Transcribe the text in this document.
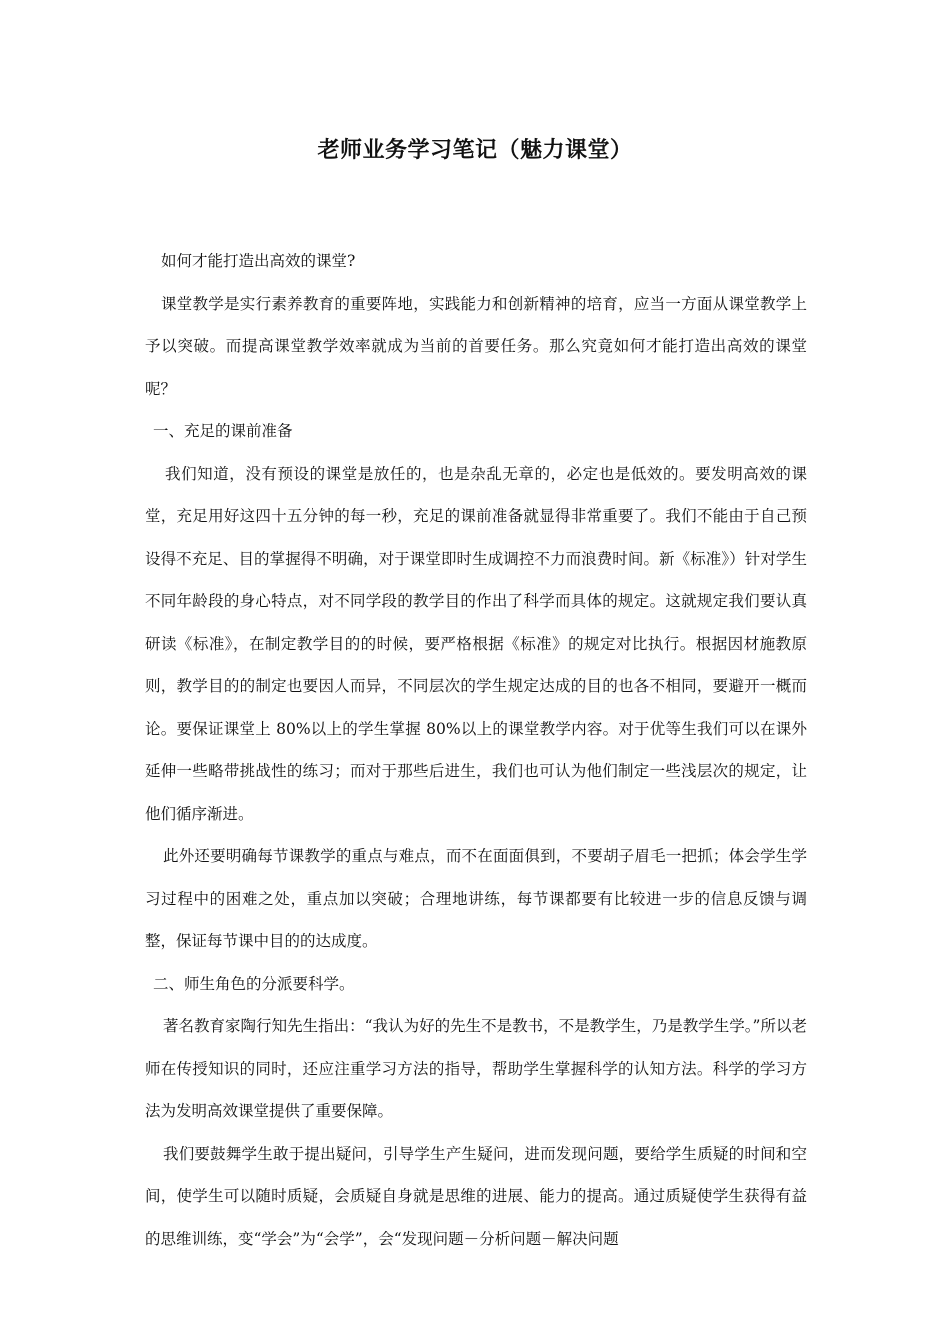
老师业务学习笔记（魅力课堂）

如何才能打造出高效的课堂?

课堂教学是实行素养教育的重要阵地，实践能力和创新精神的培育，应当一方面从课堂教学上予以突破。而提高课堂教学效率就成为当前的首要任务。那么究竟如何才能打造出高效的课堂呢？

一、充足的课前准备

我们知道，没有预设的课堂是放任的，也是杂乱无章的，必定也是低效的。要发明高效的课堂，充足用好这四十五分钟的每一秒，充足的课前准备就显得非常重要了。我们不能由于自己预设得不充足、目的掌握得不明确，对于课堂即时生成调控不力而浪费时间。新《标准》）针对学生不同年龄段的身心特点，对不同学段的教学目的作出了科学而具体的规定。这就规定我们要认真研读《标准》，在制定教学目的的时候，要严格根据《标准》的规定对比执行。根据因材施教原则，教学目的的制定也要因人而异，不同层次的学生规定达成的目的也各不相同，要避开一概而论。要保证课堂上 80%以上的学生掌握 80%以上的课堂教学内容。对于优等生我们可以在课外延伸一些略带挑战性的练习；而对于那些后进生，我们也可认为他们制定一些浅层次的规定，让他们循序渐进。

此外还要明确每节课教学的重点与难点，而不在面面俱到，不要胡子眉毛一把抓；体会学生学习过程中的困难之处，重点加以突破；合理地讲练，每节课都要有比较进一步的信息反馈与调整，保证每节课中目的的达成度。

二、师生角色的分派要科学。

著名教育家陶行知先生指出：“我认为好的先生不是教书，不是教学生，乃是教学生学。”所以老师在传授知识的同时，还应注重学习方法的指导，帮助学生掌握科学的认知方法。科学的学习方法为发明高效课堂提供了重要保障。

我们要鼓舞学生敢于提出疑问，引导学生产生疑问，进而发现问题，要给学生质疑的时间和空间，使学生可以随时质疑，会质疑自身就是思维的进展、能力的提高。通过质疑使学生获得有益的思维训练，变“学会”为“会学”，会“发现问题－分析问题－解决问题
